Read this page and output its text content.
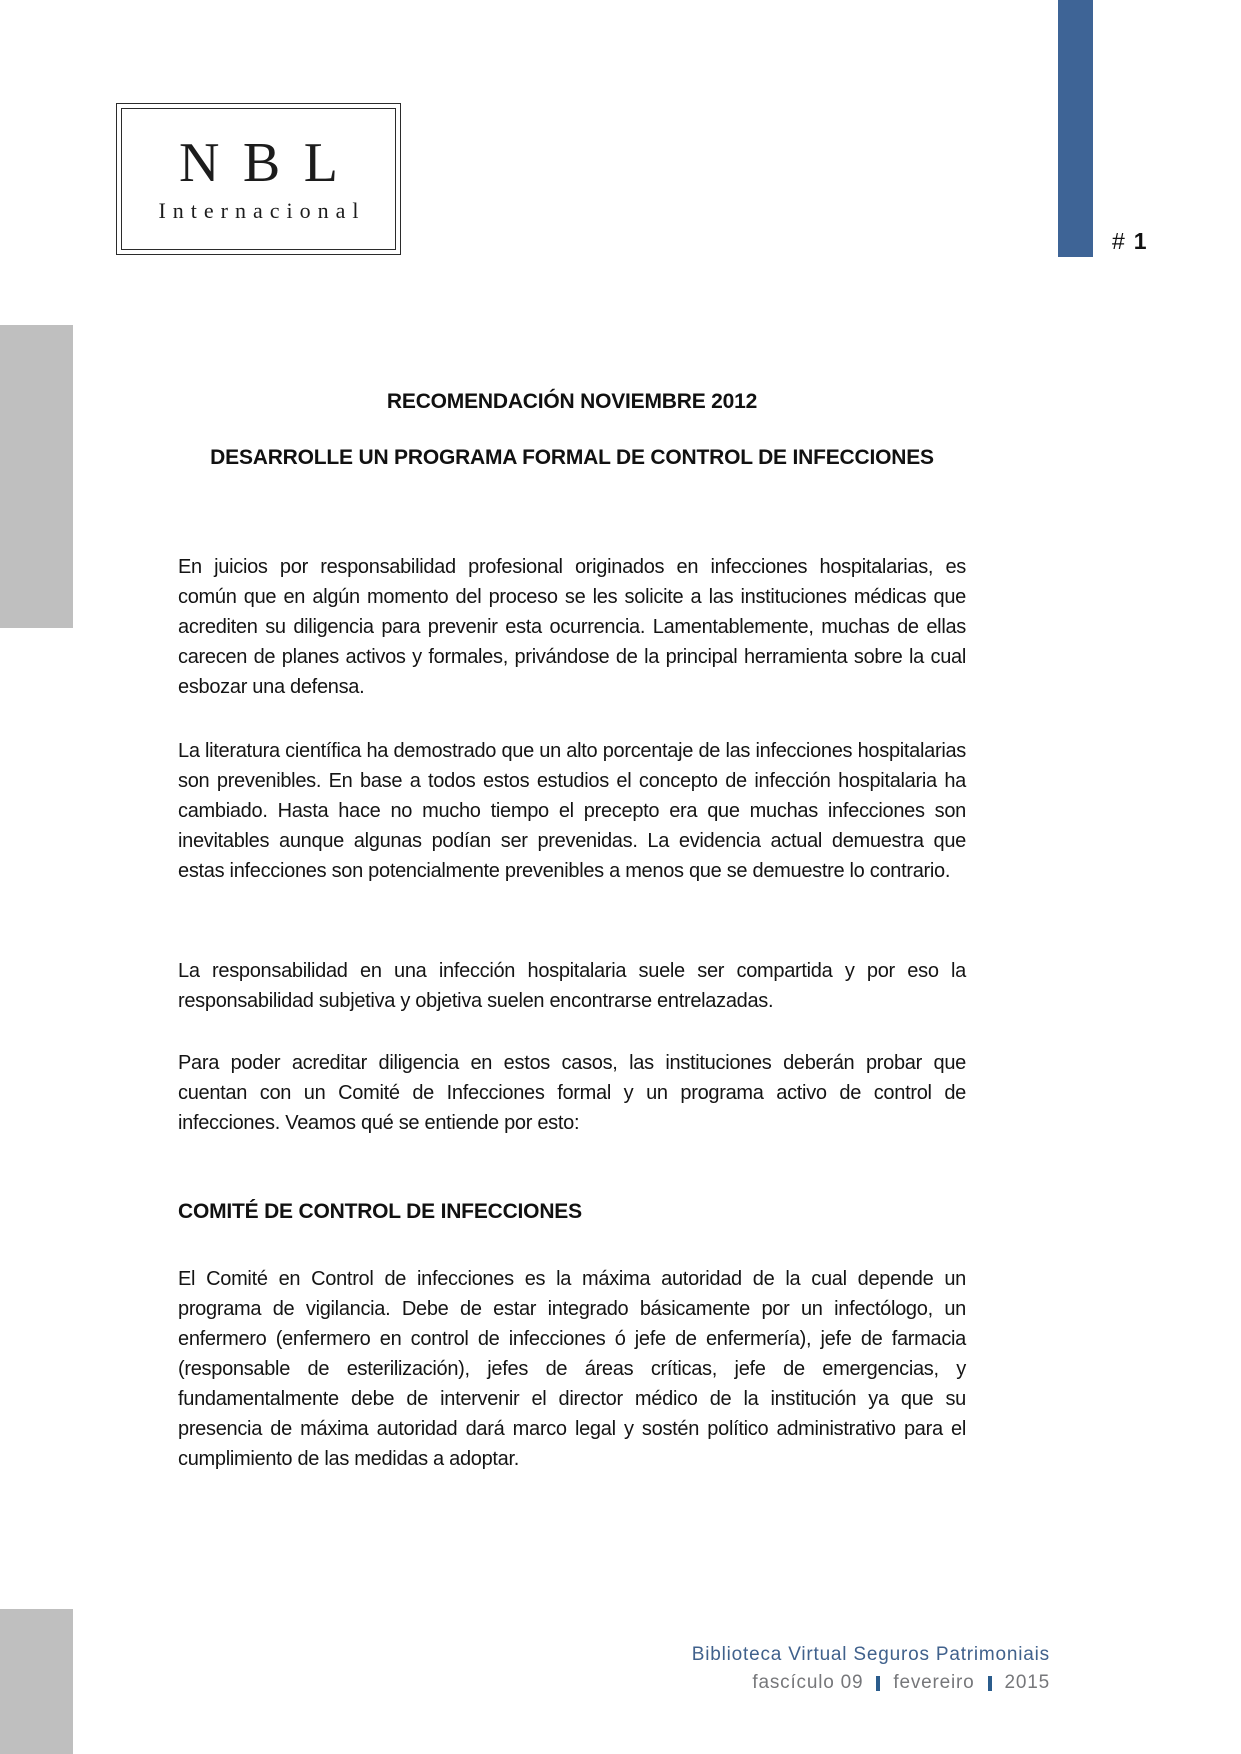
# 1
NBL
Internacional
RECOMENDACIÓN NOVIEMBRE 2012
DESARROLLE UN PROGRAMA FORMAL DE CONTROL DE INFECCIONES

En juicios por responsabilidad profesional originados en infecciones hospitalarias, es común que en algún momento del proceso se les solicite a las instituciones médicas que acrediten su diligencia para prevenir esta ocurrencia. Lamentablemente, muchas de ellas carecen de planes activos y formales, privándose de la principal herramienta sobre la cual esbozar una defensa.

La literatura científica ha demostrado que un alto porcentaje de las infecciones hospitalarias son prevenibles. En base a todos estos estudios el concepto de infección hospitalaria ha cambiado. Hasta hace no mucho tiempo el precepto era que muchas infecciones son inevitables aunque algunas podían ser prevenidas. La evidencia actual demuestra que estas infecciones son potencialmente prevenibles a menos que se demuestre lo contrario.

La responsabilidad en una infección hospitalaria suele ser compartida y por eso la responsabilidad subjetiva y objetiva suelen encontrarse entrelazadas.

Para poder acreditar diligencia en estos casos, las instituciones deberán probar que cuentan con un Comité de Infecciones formal y un programa activo de control de infecciones. Veamos qué se entiende por esto:

COMITÉ DE CONTROL DE INFECCIONES

El Comité en Control de infecciones es la máxima autoridad de la cual depende un programa de vigilancia. Debe de estar integrado básicamente por un infectólogo, un enfermero (enfermero en control de infecciones ó jefe de enfermería), jefe de farmacia (responsable de esterilización), jefes de áreas críticas, jefe de emergencias, y fundamentalmente debe de intervenir el director médico de la institución ya que su presencia de máxima autoridad dará marco legal y sostén político administrativo para el cumplimiento de las medidas a adoptar.

Biblioteca Virtual Seguros Patrimoniais
fascículo 09 fevereiro 2015
